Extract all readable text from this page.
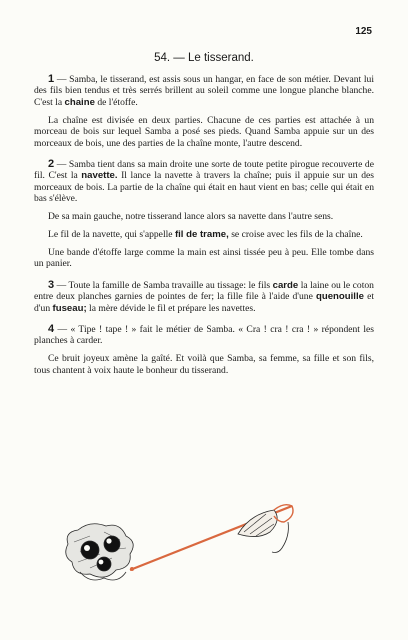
125
54. — Le tisserand.

1 — Samba, le tisserand, est assis sous un hangar, en face de son métier. Devant lui des fils bien tendus et très serrés brillent au soleil comme une longue planche blanche. C'est la chaine de l'étoffe.

La chaîne est divisée en deux parties. Chacune de ces parties est attachée à un morceau de bois sur lequel Samba a posé ses pieds. Quand Samba appuie sur un des morceaux de bois, une des parties de la chaîne monte, l'autre descend.

2 — Samba tient dans sa main droite une sorte de toute petite pirogue recouverte de fil. C'est la navette. Il lance la navette à travers la chaîne; puis il appuie sur un des morceaux de bois. La partie de la chaîne qui était en haut vient en bas; celle qui était en bas s'élève.

De sa main gauche, notre tisserand lance alors sa navette dans l'autre sens.

Le fil de la navette, qui s'appelle fil de trame, se croise avec les fils de la chaîne.

Une bande d'étoffe large comme la main est ainsi tissée peu à peu. Elle tombe dans un panier.

3 — Toute la famille de Samba travaille au tissage: le fils carde la laine ou le coton entre deux planches garnies de pointes de fer; la fille file à l'aide d'une quenouille et d'un fuseau; la mère dévide le fil et prépare les navettes.

4 — « Tipe ! tape ! » fait le métier de Samba. « Cra ! cra ! cra ! » répondent les planches à carder.

Ce bruit joyeux amène la gaîté. Et voilà que Samba, sa femme, sa fille et son fils, tous chantent à voix haute le bonheur du tisserand.
